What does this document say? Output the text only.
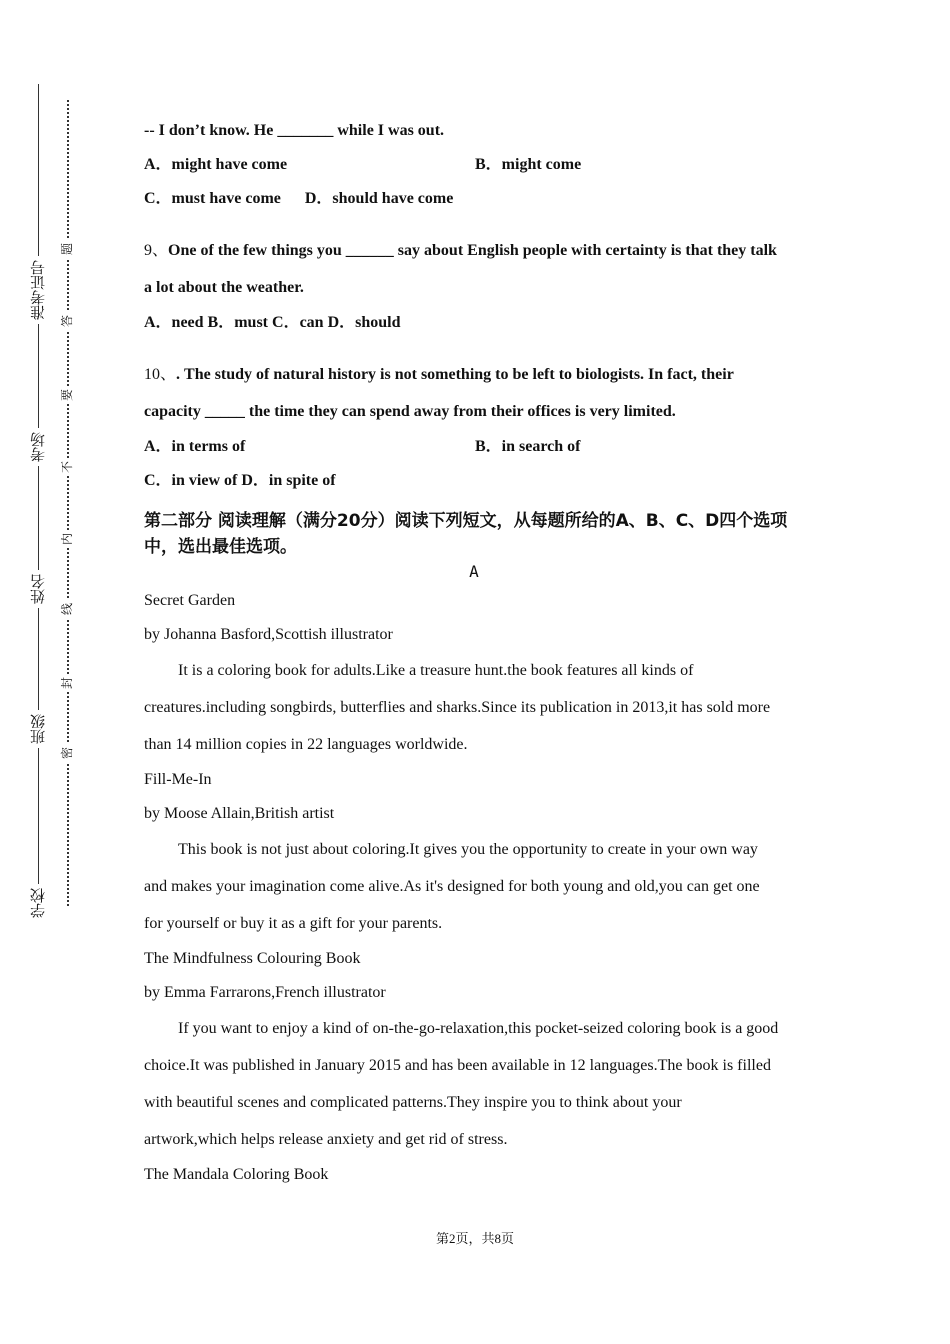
学校
班级
姓名
考场
准考证号
密
封
线
内
不
要
答
题
-- I don’t know. He _______ while I was out.
A．might have come	B．might come
C．must have come D．should have come
9、One of the few things you ______ say about English people with certainty is that they talk
a lot about the weather.
A．need B．must C．can D．should
10、. The study of natural history is not something to be left to biologists. In fact, their
capacity _____ the time they can spend away from their offices is very limited.
A．in terms of	B．in search of
C．in view of D．in spite of
第二部分 阅读理解（满分20分）阅读下列短文，从每题所给的A、B、C、D四个选项中，选出最佳选项。
A
Secret Garden
by Johanna Basford,Scottish illustrator
It is a coloring book for adults.Like a treasure hunt.the book features all kinds of
creatures.including songbirds, butterflies and sharks.Since its publication in 2013,it has sold more
than 14 million copies in 22 languages worldwide.
Fill-Me-In
by Moose Allain,British artist
This book is not just about coloring.It gives you the opportunity to create in your own way
and makes your imagination come alive.As it's designed for both young and old,you can get one
for yourself or buy it as a gift for your parents.
The Mindfulness Colouring Book
by Emma Farrarons,French illustrator
If you want to enjoy a kind of on-the-go-relaxation,this pocket-seized coloring book is a good
choice.It was published in January 2015 and has been available in 12 languages.The book is filled
with beautiful scenes and complicated patterns.They inspire you to think about your
artwork,which helps release anxiety and get rid of stress.
The Mandala Coloring Book
第2页，共8页
